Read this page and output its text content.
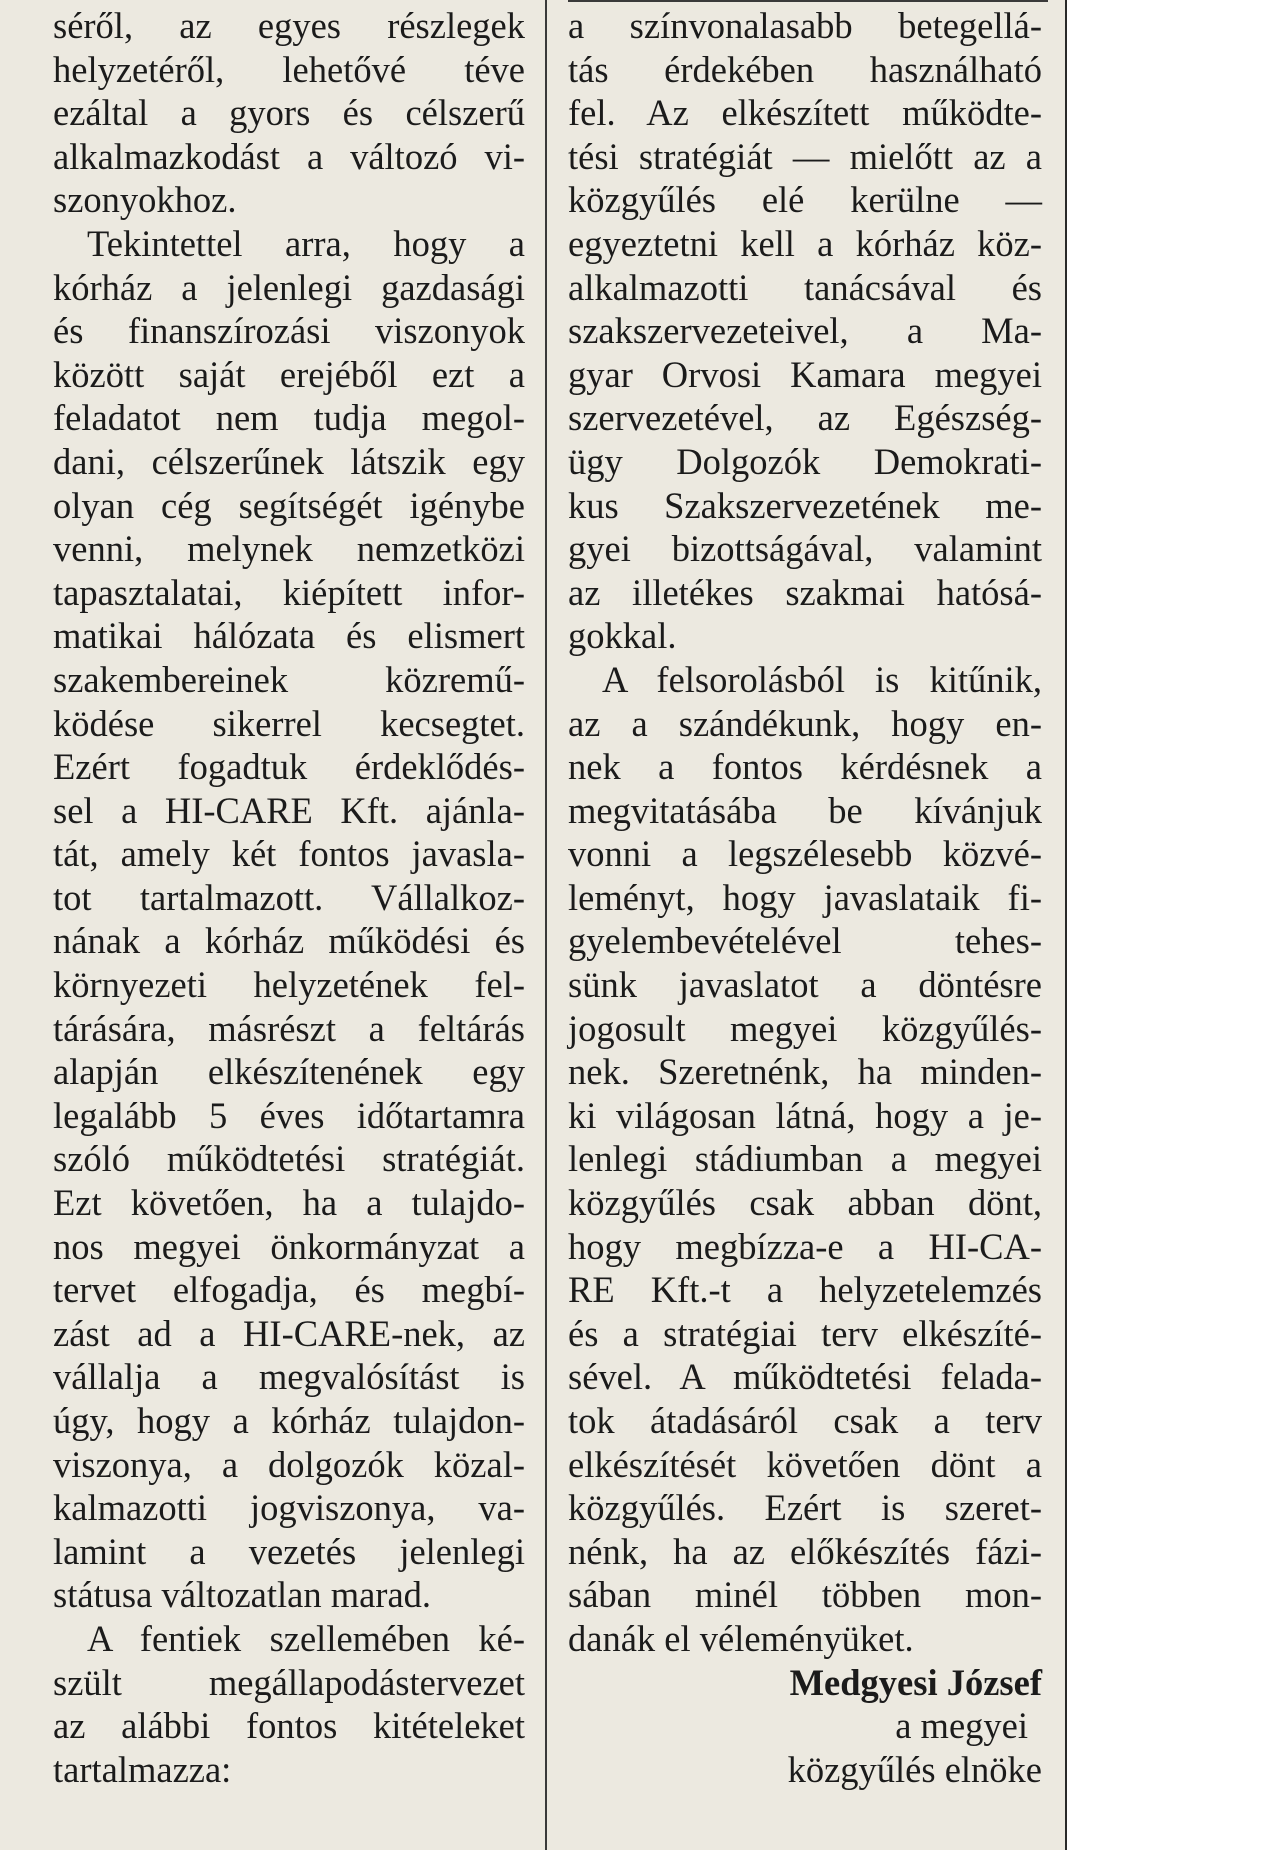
séről, az egyes részlegek
helyzetéről, lehetővé téve
ezáltal a gyors és célszerű
alkalmazkodást a változó vi-
szonyokhoz.
Tekintettel arra, hogy a
kórház a jelenlegi gazdasági
és finanszírozási viszonyok
között saját erejéből ezt a
feladatot nem tudja megol-
dani, célszerűnek látszik egy
olyan cég segítségét igénybe
venni, melynek nemzetközi
tapasztalatai, kiépített infor-
matikai hálózata és elismert
szakembereinek közremű-
ködése sikerrel kecsegtet.
Ezért fogadtuk érdeklődés-
sel a HI-CARE Kft. ajánla-
tát, amely két fontos javasla-
tot tartalmazott. Vállalkoz-
nának a kórház működési és
környezeti helyzetének fel-
tárására, másrészt a feltárás
alapján elkészítenének egy
legalább 5 éves időtartamra
szóló működtetési stratégiát.
Ezt követően, ha a tulajdo-
nos megyei önkormányzat a
tervet elfogadja, és megbí-
zást ad a HI-CARE-nek, az
vállalja a megvalósítást is
úgy, hogy a kórház tulajdon-
viszonya, a dolgozók közal-
kalmazotti jogviszonya, va-
lamint a vezetés jelenlegi
státusa változatlan marad.
A fentiek szellemében ké-
szült megállapodástervezet
az alábbi fontos kitételeket
tartalmazza:
a színvonalasabb betegellá-
tás érdekében használható
fel. Az elkészített működte-
tési stratégiát — mielőtt az a
közgyűlés elé kerülne —
egyeztetni kell a kórház köz-
alkalmazotti tanácsával és
szakszervezeteivel, a Ma-
gyar Orvosi Kamara megyei
szervezetével, az Egészség-
ügy Dolgozók Demokrati-
kus Szakszervezetének me-
gyei bizottságával, valamint
az illetékes szakmai hatósá-
gokkal.
A felsorolásból is kitűnik,
az a szándékunk, hogy en-
nek a fontos kérdésnek a
megvitatásába be kívánjuk
vonni a legszélesebb közvé-
leményt, hogy javaslataik fi-
gyelembevételével tehes-
sünk javaslatot a döntésre
jogosult megyei közgyűlés-
nek. Szeretnénk, ha minden-
ki világosan látná, hogy a je-
lenlegi stádiumban a megyei
közgyűlés csak abban dönt,
hogy megbízza-e a HI-CA-
RE Kft.-t a helyzetelemzés
és a stratégiai terv elkészíté-
sével. A működtetési felada-
tok átadásáról csak a terv
elkészítését követően dönt a
közgyűlés. Ezért is szeret-
nénk, ha az előkészítés fázi-
sában minél többen mon-
danák el véleményüket.
Medgyesi József
a megyei
közgyűlés elnöke
